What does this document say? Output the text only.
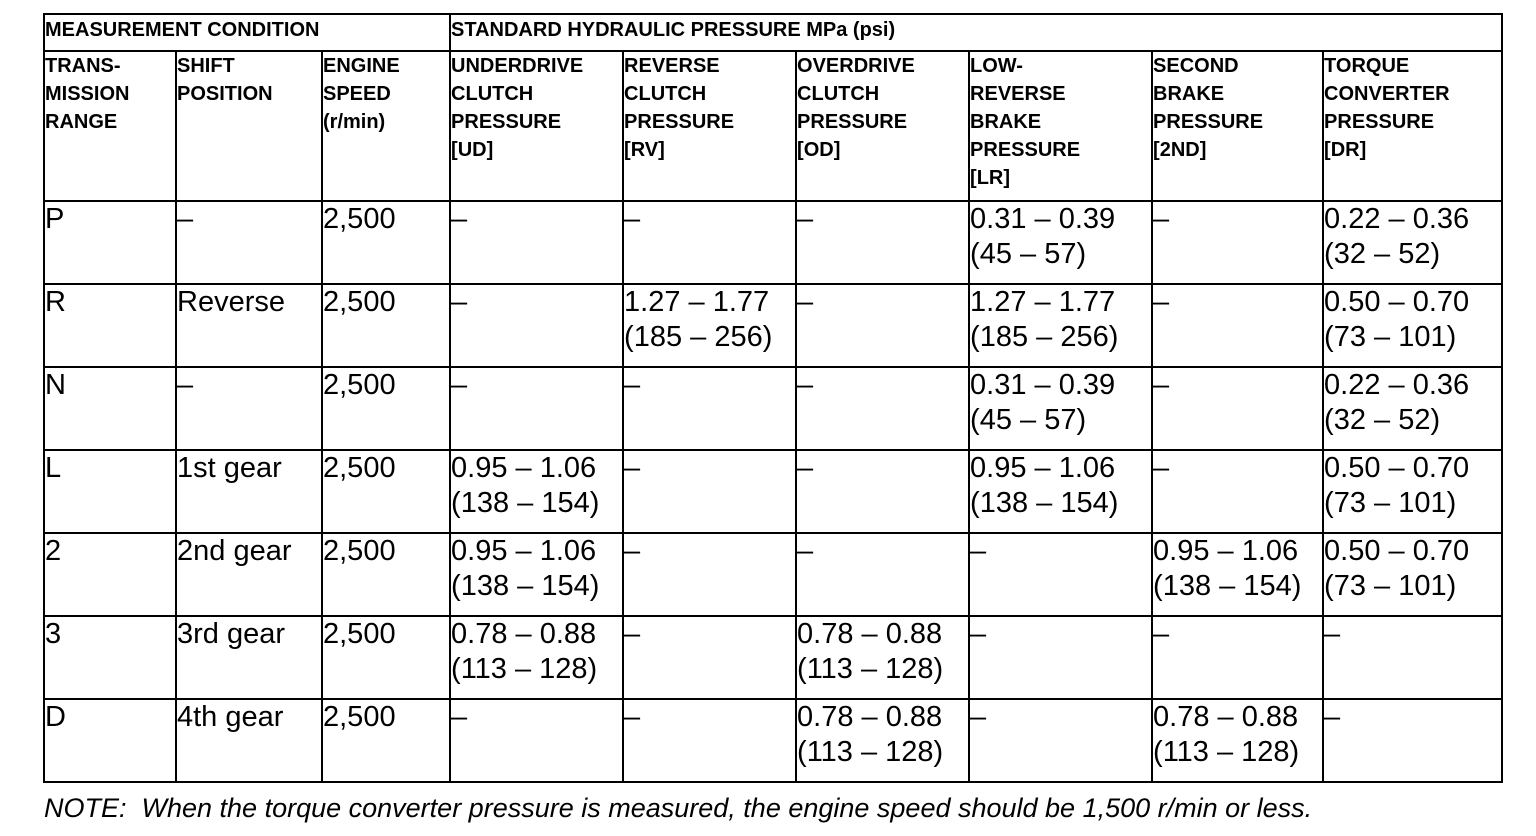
MEASUREMENT CONDITION			STANDARD HYDRAULIC PRESSURE MPa (psi)					
TRANS-
MISSION
RANGE	SHIFT
POSITION	ENGINE
SPEED
(r/min)	UNDERDRIVE
CLUTCH
PRESSURE
[UD]	REVERSE
CLUTCH
PRESSURE
[RV]	OVERDRIVE
CLUTCH
PRESSURE
[OD]	LOW-
REVERSE
BRAKE
PRESSURE
[LR]	SECOND
BRAKE
PRESSURE
[2ND]	TORQUE
CONVERTER
PRESSURE
[DR]
P	–	2,500	–	–	–	0.31 – 0.39
(45 – 57)	–	0.22 – 0.36
(32 – 52)
R	Reverse	2,500	–	1.27 – 1.77
(185 – 256)	–	1.27 – 1.77
(185 – 256)	–	0.50 – 0.70
(73 – 101)
N	–	2,500	–	–	–	0.31 – 0.39
(45 – 57)	–	0.22 – 0.36
(32 – 52)
L	1st gear	2,500	0.95 – 1.06
(138 – 154)	–	–	0.95 – 1.06
(138 – 154)	–	0.50 – 0.70
(73 – 101)
2	2nd gear	2,500	0.95 – 1.06
(138 – 154)	–	–	–	0.95 – 1.06
(138 – 154)	0.50 – 0.70
(73 – 101)
3	3rd gear	2,500	0.78 – 0.88
(113 – 128)	–	0.78 – 0.88
(113 – 128)	–	–	–
D	4th gear	2,500	–	–	0.78 – 0.88
(113 – 128)	–	0.78 – 0.88
(113 – 128)	–
NOTE:  When the torque converter pressure is measured, the engine speed should be 1,500 r/min or less.
